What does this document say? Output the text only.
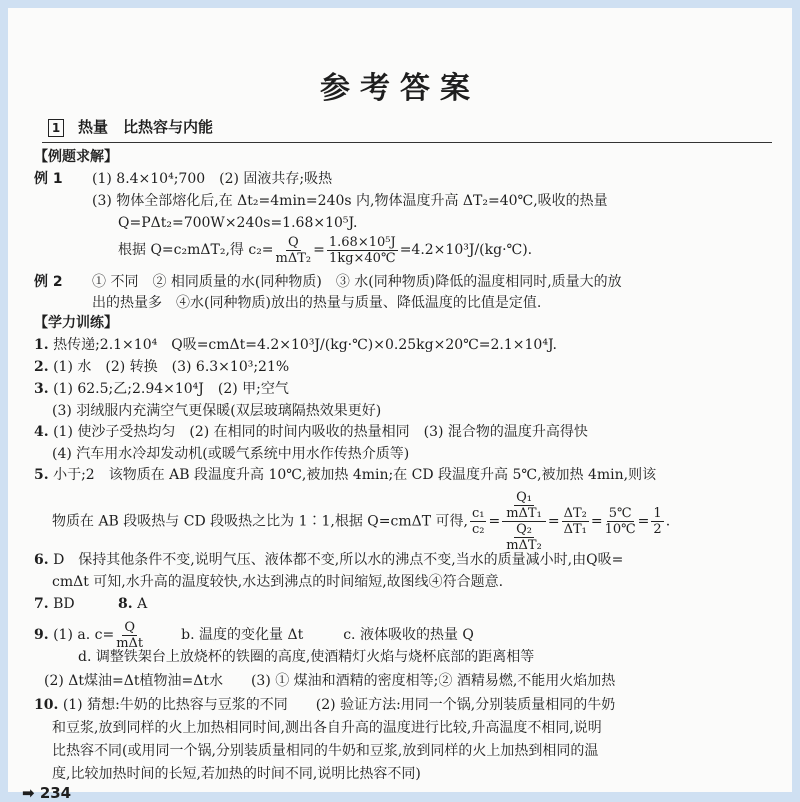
参考答案
1 热量　比热容与内能
【例题求解】
例 1 (1) 8.4×10⁴;700　(2) 固液共存;吸热
(3) 物体全部熔化后,在 Δt₂=4min=240s 内,物体温度升高 ΔT₂=40℃,吸收的热量
Q=PΔt₂=700W×240s=1.68×10⁵J.
根据 Q=c₂mΔT₂,得 $c_2= \frac{Q}{\text{mΔT₂}} = \frac{\text{1.68×10⁵J}}{1kg\times 40℃}$ =4.2×10³J/(kg·℃).
例 2 ① 不同　② 相同质量的水(同种物质)　③ 水(同种物质)降低的温度相同时,质量大的放
出的热量多　④水(同种物质)放出的热量与质量、降低温度的比值是定值.
【学力训练】
1. 热传递;2.1×10⁴　Q吸=cmΔt=4.2×10³J/(kg·℃)×0.25kg×20℃=2.1×10⁴J.
2. (1) 水　(2) 转换　(3) 6.3×10³;21%
3. (1) 62.5;乙;2.94×10⁴J　(2) 甲;空气
(3) 羽绒服内充满空气更保暖(双层玻璃隔热效果更好)
4. (1) 使沙子受热均匀　(2) 在相同的时间内吸收的热量相同　(3) 混合物的温度升高得快
(4) 汽车用水冷却发动机(或暖气系统中用水作传热介质等)
5. 小于;2　该物质在 AB 段温度升高 10℃,被加热 4min;在 CD 段温度升高 5℃,被加热 4min,则该
物质在 AB 段吸热与 CD 段吸热之比为 1∶1,根据 Q=cmΔT 可得, $\frac{\text{c₁}}{\text{c₂}} = \frac{\frac{\text{Q₁}}{\text{mΔT₁}}}{\frac{\text{Q₂}}{\text{mΔT₂}}} = \frac{\text{ΔT₂}}{\text{ΔT₁}} = \frac{5℃}{10℃} = \frac{1}{2}$ .
6. D　保持其他条件不变,说明气压、液体都不变,所以水的沸点不变,当水的质量减小时,由Q吸=
cmΔt 可知,水升高的温度较快,水达到沸点的时间缩短,故图线④符合题意.
7. BD	8. A
9. (1) a. $c= \frac{Q}{\text{mΔt}}$	b. 温度的变化量 Δt	c. 液体吸收的热量 Q
d. 调整铁架台上放烧杯的铁圈的高度,使酒精灯火焰与烧杯底部的距离相等
(2) Δt煤油=Δt植物油=Δt水　　(3) ① 煤油和酒精的密度相等;② 酒精易燃,不能用火焰加热
10. (1) 猜想:牛奶的比热容与豆浆的不同　　(2) 验证方法:用同一个锅,分别装质量相同的牛奶
和豆浆,放到同样的火上加热相同时间,测出各自升高的温度进行比较,升高温度不相同,说明
比热容不同(或用同一个锅,分别装质量相同的牛奶和豆浆,放到同样的火上加热到相同的温
度,比较加热时间的长短,若加热的时间不同,说明比热容不同)
➡ 234
